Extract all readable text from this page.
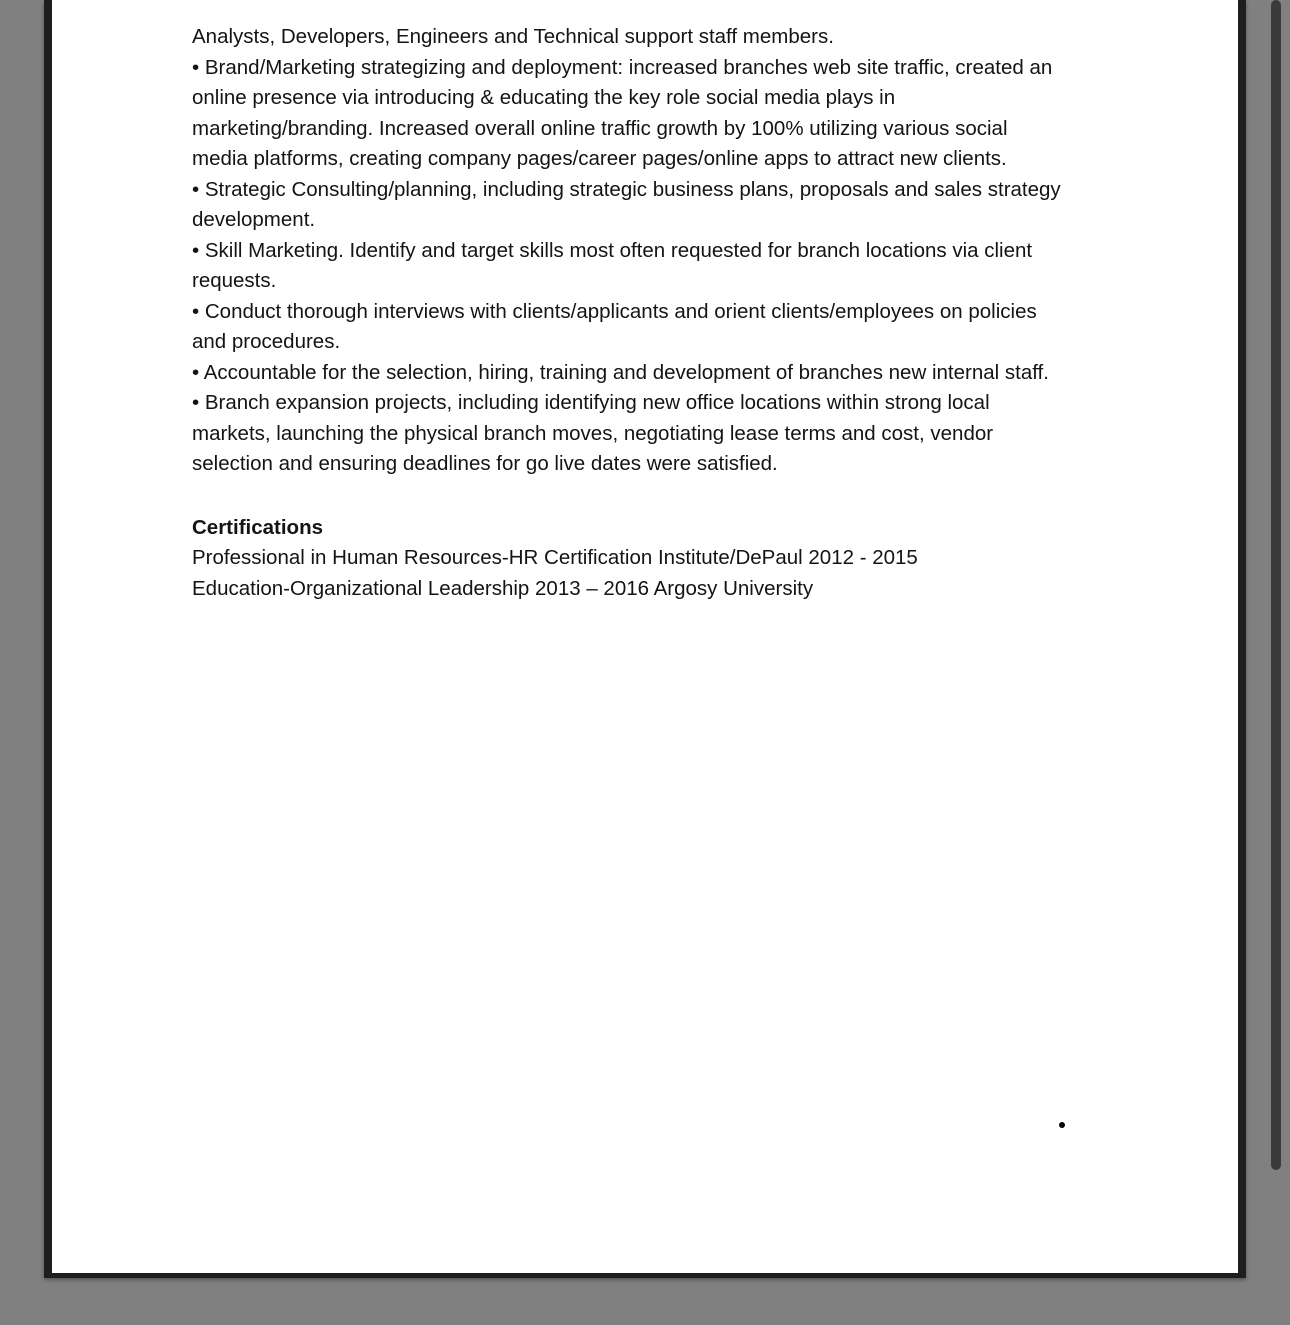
Analysts, Developers, Engineers and Technical support staff members.

• Brand/Marketing strategizing and deployment: increased branches web site traffic, created an

online presence via introducing & educating the key role social media plays in

marketing/branding. Increased overall online traffic growth by 100% utilizing various social

media platforms, creating company pages/career pages/online apps to attract new clients.

• Strategic Consulting/planning, including strategic business plans, proposals and sales strategy

development.

• Skill Marketing. Identify and target skills most often requested for branch locations via client

requests.

• Conduct thorough interviews with clients/applicants and orient clients/employees on policies

and procedures.

• Accountable for the selection, hiring, training and development of branches new internal staff.

• Branch expansion projects, including identifying new office locations within strong local

markets, launching the physical branch moves, negotiating lease terms and cost, vendor

selection and ensuring deadlines for go live dates were satisfied.

Certifications

Professional in Human Resources-HR Certification Institute/DePaul 2012 - 2015

Education-Organizational Leadership 2013 – 2016 Argosy University
